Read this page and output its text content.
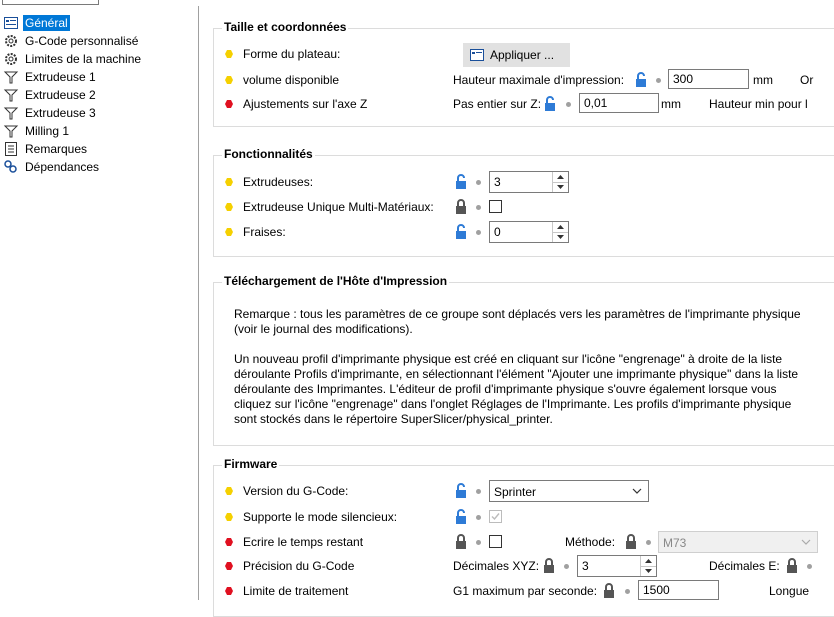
Général
G-Code personnalisé
Limites de la machine
Extrudeuse 1
Extrudeuse 2
Extrudeuse 3
Milling 1
Remarques
Dépendances
Taille et coordonnées
Forme du plateau:	Appliquer ...
volume disponible	Hauteur maximale d'impression:	300	mm Or
Ajustements sur l'axe Z	Pas entier sur Z:	0,01	mm Hauteur min pour l
Fonctionnalités
Extrudeuses:	3
Extrudeuse Unique Multi-Matériaux:
Fraises:	0
Téléchargement de l'Hôte d'Impression

Remarque : tous les paramètres de ce groupe sont déplacés vers les paramètres de l'imprimante physique (voir le journal des modifications).

Un nouveau profil d'imprimante physique est créé en cliquant sur l'icône "engrenage" à droite de la liste déroulante Profils d'imprimante, en sélectionnant l'élément "Ajouter une imprimante physique" dans la liste déroulante des Imprimantes. L'éditeur de profil d'imprimante physique s'ouvre également lorsque vous cliquez sur l'icône "engrenage" dans l'onglet Réglages de l'Imprimante. Les profils d'imprimante physique sont stockés dans le répertoire SuperSlicer/physical_printer.

Firmware
Version du G-Code:	Sprinter
Supporte le mode silencieux:
Ecrire le temps restant	Méthode:	M73
Précision du G-Code	Décimales XYZ:	3	Décimales E:
Limite de traitement	G1 maximum par seconde:	1500	Longue
